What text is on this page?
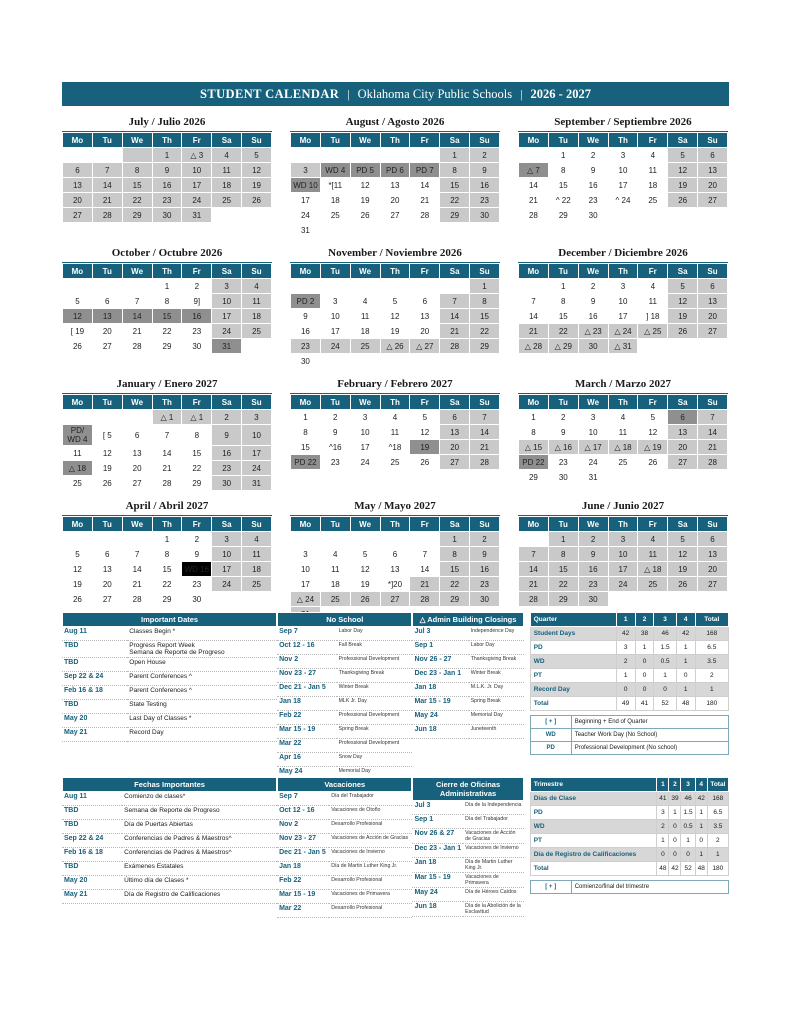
STUDENT CALENDAR | Oklahoma City Public Schools | 2026 - 2027
July / Julio 2026
Mo	Tu	We	Th	Fr	Sa	Su
			1	△ 3	4	5
6	7	8	9	10	11	12
13	14	15	16	17	18	19
20	21	22	23	24	25	26
27	28	29	30	31		
August / Agosto 2026
Mo	Tu	We	Th	Fr	Sa	Su
					1	2
3	WD 4	PD 5	PD 6	PD 7	8	9
WD 10	*[11	12	13	14	15	16
17	18	19	20	21	22	23
24	25	26	27	28	29	30
31						
September / Septiembre 2026
Mo	Tu	We	Th	Fr	Sa	Su
	1	2	3	4	5	6
△ 7	8	9	10	11	12	13
14	15	16	17	18	19	20
21	^ 22	23	^ 24	25	26	27
28	29	30				
October / Octubre 2026
Mo	Tu	We	Th	Fr	Sa	Su
			1	2	3	4
5	6	7	8	9]	10	11
12	13	14	15	16	17	18
[ 19	20	21	22	23	24	25
26	27	28	29	30	31	
November / Noviembre 2026
Mo	Tu	We	Th	Fr	Sa	Su
						1
PD 2	3	4	5	6	7	8
9	10	11	12	13	14	15
16	17	18	19	20	21	22
23	24	25	△ 26	△ 27	28	29
30						
December / Diciembre 2026
Mo	Tu	We	Th	Fr	Sa	Su
	1	2	3	4	5	6
7	8	9	10	11	12	13
14	15	16	17	] 18	19	20
21	22	△ 23	△ 24	△ 25	26	27
△ 28	△ 29	30	△ 31			
January / Enero 2027
Mo	Tu	We	Th	Fr	Sa	Su
			△ 1	△ 1	2	3
PD/ WD 4	[ 5	6	7	8	9	10
11	12	13	14	15	16	17
△ 18	19	20	21	22	23	24
25	26	27	28	29	30	31
February / Febrero 2027
Mo	Tu	We	Th	Fr	Sa	Su
1	2	3	4	5	6	7
8	9	10	11	12	13	14
15	^16	17	^18	19	20	21
PD 22	23	24	25	26	27	28
March / Marzo 2027
Mo	Tu	We	Th	Fr	Sa	Su
1	2	3	4	5	6	7
8	9	10	11	12	13	14
△ 15	△ 16	△ 17	△ 18	△ 19	20	21
PD 22	23	24	25	26	27	28
29	30	31				
April / Abril 2027
Mo	Tu	We	Th	Fr	Sa	Su
			1	2	3	4
5	6	7	8	9	10	11
12	13	14	15	WD 16	17	18
19	20	21	22	23	24	25
26	27	28	29	30		
May / Mayo 2027
Mo	Tu	We	Th	Fr	Sa	Su
					1	2
3	4	5	6	7	8	9
10	11	12	13	14	15	16
17	18	19	*]20	21	22	23
△ 24	25	26	27	28	29	30

June / Junio 2027
Mo	Tu	We	Th	Fr	Sa	Su
	1	2	3	4	5	6
7	8	9	10	11	12	13
14	15	16	17	△ 18	19	20
21	22	23	24	25	26	27
28	29	30				
Important Dates
Aug 11	Classes Begin *
TBD	Progress Report Week
Semana de Reporte de Progreso

TBD	Open House
Sep 22 & 24	Parent Conferences ^
Feb 16 & 18	Parent Conferences ^
TBD	State Testing
May 20	Last Day of Classes *
May 21	Record Day
No School
Sep 7	Labor Day
Oct 12 - 16	Fall Break
Nov 2	Professional Development
Nov 23 - 27	Thanksgiving Break
Dec 21 - Jan 5	Winter Break
Jan 18	MLK Jr. Day
Feb 22	Professional Development
Mar 15 - 19	Spring Break
Mar 22	Professional Development
Apr 16	Snow Day
May 24	Memorial Day
△ Admin Building Closings
Jul 3	Independence Day
Sep 1	Labor Day
Nov 26 - 27	Thanksgiving Break
Dec 23 - Jan 1	Winter Break
Jan 18	M.L.K. Jr. Day
Mar 15 - 19	Spring Break
May 24	Memorial Day
Jun 18	Juneteenth
Quarter	1	2	3	4	Total
Student Days	42	38	46	42	168
PD	3	1	1.5	1	6.5
WD	2	0	0.5	1	3.5
PT	1	0	1	0	2
Record Day	0	0	0	1	1
Total	49	41	52	48	180
[ + ]	Beginning + End of Quarter
WD	Teacher Work Day (No School)
PD	Professional Development (No school)
Fechas Importantes
Aug 11	Comienzo de clases*
TBD	Semana de Reporte de Progreso

TBD	Día de Puertas Abiertas
Sep 22 & 24	Conferencias de Padres & Maestros^
Feb 16 & 18	Conferencias de Padres & Maestros^
TBD	Exámenes Estatales
May 20	Último día de Clases *
May 21	Día de Registro de Calificaciones
Vacaciones
Sep 7	Día del Trabajador
Oct 12 - 16	Vacaciones de Otoño
Nov 2	Desarrollo Profesional
Nov 23 - 27	Vacaciones de Acción de Gracias
Dec 21 - Jan 5	Vacaciones de Invierno
Jan 18	Día de Martin Luther King Jr.
Feb 22	Desarrollo Profesional
Mar 15 - 19	Vacaciones de Primavera
Mar 22	Desarrollo Profesional
Cierre de Oficinas Administrativas
Jul 3	Día de la Independencia
Sep 1	Día del Trabajador
Nov 26 & 27	Vacaciones de Acción de Gracias
Dec 23 - Jan 1	Vacaciones de Invierno
Jan 18	Día de Martin Luther King Jr.
Mar 15 - 19	Vacaciones de Primavera
May 24	Día de Héroes Caídos
Jun 18	Día de la Abolición de la Esclavitud
Trimestre	1	2	3	4	Total
Días de Clase	41	39	46	42	168
PD	3	1	1.5	1	6.5
WD	2	0	0.5	1	3.5
PT	1	0	1	0	2
Día de Registro de Calificaciones	0	0	0	1	1
Total	48	42	52	48	180
[ + ]	Comienzo/final del trimestre
